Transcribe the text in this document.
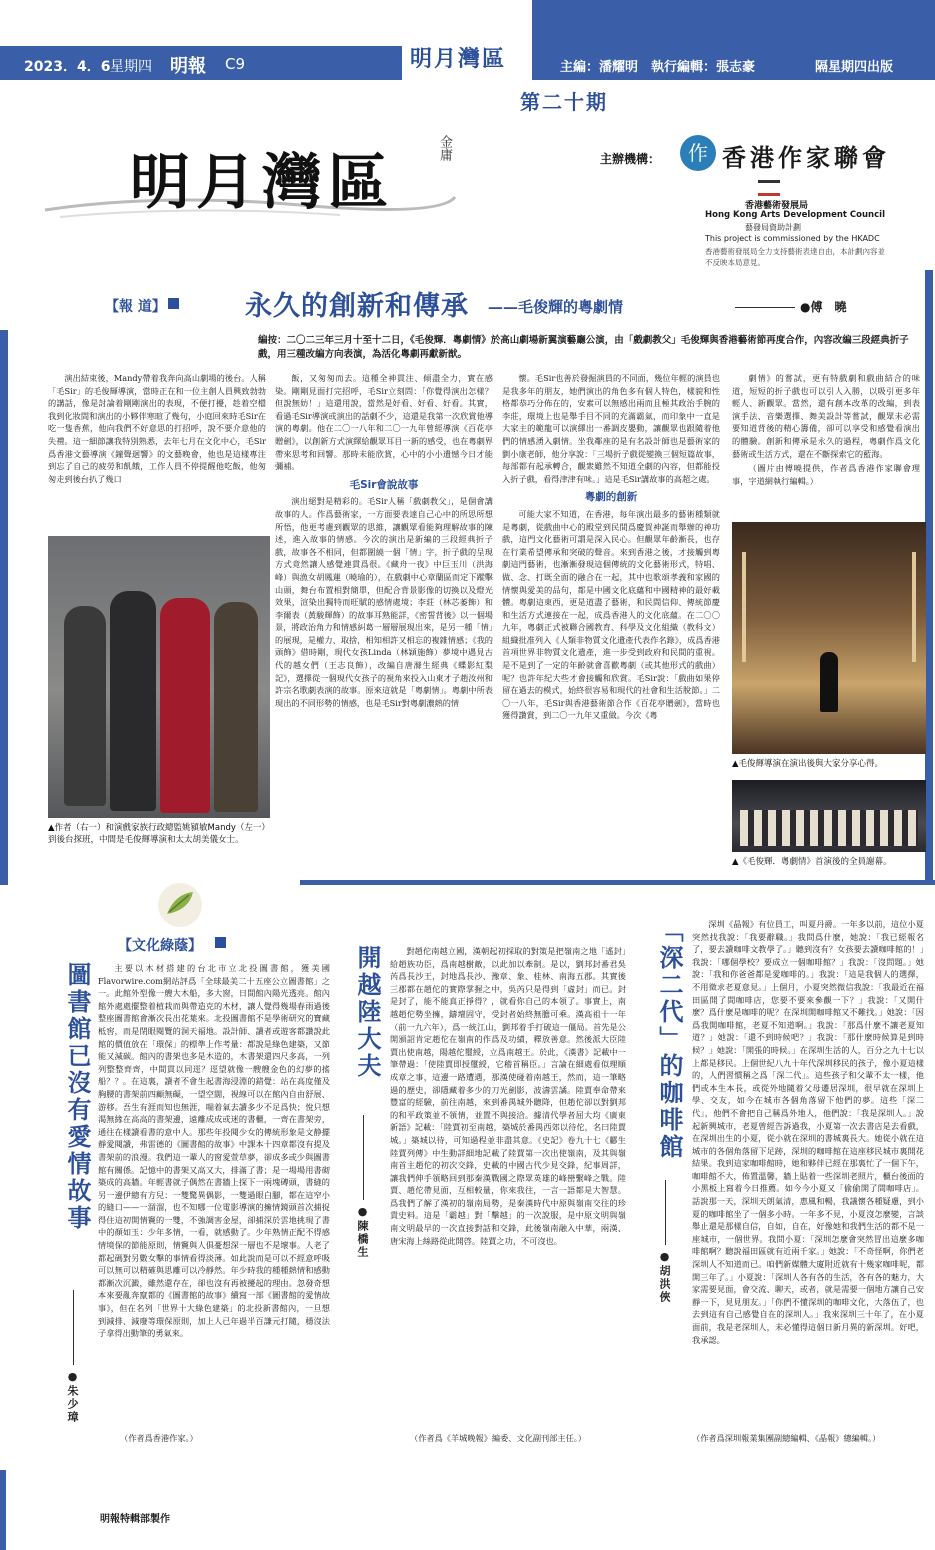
2023．4．6 星期四 明報 C9	明月灣區	主編：潘耀明　執行編輯：張志豪	隔星期四出版
第二十期
明月灣區	金庸	主辦機構：	作 香港作家聯會
香港藝術發展局
Hong Kong Arts Development Council
藝發局資助計劃
This project is commissioned by the HKADC
香港藝術發展局全力支持藝術表達自由，本計劃內容並不反映本局意見。
【報 道】	永久的創新和傳承 ——毛俊輝的粵劇情	●傅　曉
編按：二〇二三年三月十至十二日，《毛俊輝．粵劇情》於高山劇場新翼演藝廳公演，由「戲劇教父」毛俊輝與香港藝術節再度合作，內容改編三段經典折子戲，用三種改編方向表演，為活化粵劇再獻新猷。

演出結束後，Mandy帶着我奔向高山劇場的後台。人稱「毛Sir」的毛俊輝導演，當時正在和一位主創人員興致勃勃的講話，像是討論着剛剛演出的表現，不便打擾，趁着空檔我到化妝間和演出的小夥伴寒暄了幾句，小庭回來時毛Sir在吃一隻香蕉，他向我們不好意思的打招呼，說不要介意他的失禮。這一細節讓我特別熟悉，去年七月在文化中心，毛Sir爲香港文藝導演《鐘聲迴響》的文藝晚會，他也是這樣專注到忘了自己的疲勞和飢餓，工作人員不停提醒他吃飯，他匆匆走到後台扒了幾口

飯，又匆匆而去。這種全神貫注、傾盡全力，實在感染。剛剛見面打完招呼，毛Sir立刻問：「你覺得演出怎樣？但說無妨！」這還用說，當然是好看、好看、好看。其實，看過毛Sir導演或演出的話劇不少，這還是我第一次欣賞他導演的粵劇。他在二〇一八年和二〇一九年曾經導演《百花亭贈劍》，以創新方式演繹給觀眾耳目一新的感受，也在粵劇界帶來思考和回響。那時未能欣賞，心中的小小遺憾今日才能彌補。

毛Sir會說故事

演出絕對是精彩的。毛Sir人稱「戲劇教父」，是個會講故事的人。作爲藝術家，一方面要表達自己心中的所思所想所悟，他更考慮到觀眾的思維，讓觀眾看能夠理解故事的陳述，進入故事的情感。今次的演出是新編的三段經典折子戲，故事各不相同，但都圍繞一個「情」字，折子戲的呈現方式竟然讓人感覺連貫爲很。《藏舟一夜》中巨玉川（洪海峰）與漁女胡鳳蓮（曉瑜的），在戲劇中心章蘭區而定下蹤擊山頭，舞台布置相對簡單，但配合背景影像的切換以及燈光效果，渲染出獨特而旺賦的感情處境；李莊（林芯萎飾）和李爾表（黃駿輝飾）的故事耳熟能詳，《密誓背後》以一個場景，將政治角力和情感糾葛一層層展現出來，是另一種「情」的展現，是權力、取捨，相知相許又相忘的複雜情感；《我的頭飾》借時剛，現代女孩Linda（林穎施飾）夢境中遇見古代的越女們（王志良飾），改編自唐滌生經典《蝶影紅梨記》，選擇從一個現代女孩子的視角來投入山東才子趙汝州和許宗名歌劇表演的故事。原來這就是「粵劇情」。粵劇中所表現出的不同形勢的情感，也是毛Sir對粵劇濃熱的情

懷。毛Sir也善於發掘演員的不同面，幾位年輕的演員也是我多年的朋友，她們演出的角色多有個人特色，樣貌和性格都恭巧分佈在的，安素可以無感出兩而且極其政治手腕的李莊，環境上也是舉手目不同的充滿霸氣，而印象中一直是大家主的範龍可以演繹出一番調皮嬰動，讓觀眾也跟隨着他們的情感湧入劇情。坐我鄰座的是有名設計師也是藝術家的劉小康老師，他分享說：「三場折子戲從變換三個短篇故事，每部都有起承轉合，觀衆雖然不知道全劇的內容，但都能投入折子戲，看得津津有味。」這是毛Sir講故事的高超之處。

粵劇的創新

可能大家不知道，在香港，每年演出最多的藝術種類就是粵劇，從戲曲中心的殿堂到民間爲慶賀神誕而舉辦的神功戲，這門文化藝術可謂是深入民心。但觀眾年齡漸長，也存在行業希望傳承和突破的聲音。來到香港之後，才接觸到粵劇這門藝術，也漸漸發現這個傳統的文化藝術形式，特唱、做、念、打既全面的融合在一起，其中也歌頌孝義和家國的情懷與愛美的品句，都是中國文化底蘊和中國精神的最好載體。粵劇這東西，更是道盡了藝術，和民間信仰、傳統節慶和生活方式連接在一起，成爲香港人的文化底蘊。在二〇〇九年，粵劇正式被聯合國教育、科學及文化組織（教科文）組織批准列入《人類非物質文化遺產代表作名錄》，成爲香港首項世界非物質文化遺產，進一步受到政府和民間的重視。是不是到了一定的年齡就會喜歡粵劇（或其他形式的戲曲）呢？也許年紀大些才會接觸和欣賞。毛Sir說：「戲曲如果停留在過去的模式，始終很容易和現代的社會和生活脫節。」二〇一八年，毛Sir與香港藝術節合作《百花亭贈劍》，當時也獲得讚賞，到二〇一九年又重做。今次《粵

劇情》的嘗試，更有特戲劇和戲曲結合的味道，短短的折子戲也可以引人入勝，以吸引更多年輕人、新觀眾。當然，還有創本改革的改編，到表演手法、音樂選擇、舞美設計等嘗試，觀眾未必需要知道背後的精心籌備，卻可以享受和感覺看演出的體驗。創新和傳承是永久的過程，粵劇作爲文化藝術或生活方式，還在不斷探索它的藍海。

（圖片由傅曉提供，作者爲香港作家聯會理事，字道網執行編輯。）

▲作者（右一）和演戲家族行政總監姚潁敏Mandy（左一）到後台探班，中間是毛俊輝導演和太太胡美儀女士。
▲毛俊輝導演在演出後與大家分享心得。
▲《毛俊輝．粵劇情》首演後的全員謝幕。
【文化綠蔭】
圖書館已沒有愛情故事
●朱少璋

主要以木材搭建的台北市立北投圖書館，獲美國Flavorwire.com網站評爲「全球最美二十五座公立圖書館」之一。此館外型像一艘大木船，多大窗，日間館內陽光透亮。館內館外處處擺整着植栽而與帶造克的木材，讓人覺得幾場春雨過後整座圖書館會漸次長出花葉來。北投圖書館不是學術研究的寶藏柢窖，而是閉眼閱覽的洞天福地。設計師、讀者或遊客都讚說此館的價值放在「環保」的標準上作考量：都說是綠色建築，又節能又減碳。館內的書架也多是木造的，木書架還四尺多高，一列列整整齊齊，中間貫以同逕？逕望就像一艘艘金色的幻夢的搖船？？。在這裏，讀者不會生起書海浸淵的錯覺：站在高度僅及胸腰的書架前四顧無礙，一望空闊，視線可以在館內自由舒展、游移。吾生有涯而知也無涯，喘着氣去讀多少不足爲快；悅只想渴無緣在高高的書架邊，遠離成成或迷的書櫃，一齊在書架旁，通往在樣讀看書的意中人。那些年投閱少女的傳統形象是文静擺靜愛閱讀，弗雷德的《圖書館的故事》中課本十四章都沒有提及書架前的浪漫。我們這一輩人的窗愛萱草夢，卻成多或少與圖書館有關係。記憶中的書架又高又大，排滿了書；是一場場用書砌築成的高牆。年輕書就子偶然在書牆上探下一兩塊磚頭，書縫的另一邊伊總有方兒：一雙驚異偶影，一雙過眼白腳，都在這窄小的縫口——一溜溜，也不知哪一位電影導演的擁情鏡頭首次捕捉得住這初開情竇的一雙，不強調害金屋，卻捕深於雲地挑現了書中的顏如玉：少年多情，一看，就感動了。少年熟情正配不得感情境保的節能原則，情竇與人俱憂想深一層也不是壞事。人老了都起碼對另數女擊的事情看得淡薄。如此說而是可以不經意呼吸可以無可以精確與思離可以冷靜然。年少時我的種種熱情和感動都漸次沉澱，雖然還存在，卻也沒有再被擾起的理由。忽發奇想本來要亂奔竄都的《圖書館的故事》續寫一部《圖書館的愛情故事》，但在名列「世界十大綠色建築」的北投新書館內，一旦想到減排、減廢等環保原則，加上人已年過半百謙元打隨，穩沒法子拿得出動筆的勇氣來。

（作者爲香港作家。）
開越陸大夫
●陳橋生

對趙佗南越立國，漢朝起初採取的對策是把嶺南之地「遙封」給趙族功臣，爲南越樹敵，以此加以牽制。是以，劉邦封番君吳芮爲長沙王，封地爲長沙、豫章、象、桂林、南海五郡。其實後三郡都在趙佗的實際掌握之中，吳芮只是得到「虛封」而已。封是封了，能不能真正掙得？，就看你自己的本領了。事實上，南越趙佗勢坐擁，鑄壇固守，受封者始終無膽可乘。漢高祖十一年（前一九六年），爲一統江山，劉邦着手打破這一僵局。首先是公開頒詔肯定趙佗在嶺南的作爲及功績，釋放善意。然後派大臣陸賈出使南越，陽越佗璽綬，立爲南越王。於此，《漢書》記載中一筆帶過：「使陸賈即授璽綬，它稽首稱臣。」言論在細處看似理順成章之事，這邊一路遭遇，那漢使碰着南越王，然而，這一筆略過的歷史，卻隱藏着多少的刀光劍影，波濤雲譎。陸賈奉命帶來豐富的經驗，前往南越，來到番禺城外聽降，但趙佗卻以對劉邦的和平政策並不領情，並置不與接洽。據清代學者屈大均《廣東新語》記載：「陸賈初至南越，築城於番禺西郊以待佗，名曰陸賈城。」築城以待，可知過程並非盡其意。《史記》卷九十七《酈生陸賈列傳》中生動詳細地記載了陸賈第一次出使嶺南，及其與嶺南首主趙佗的初次交鋒，史載的中國古代少見交鋒，紀事周詳，讓我們伸手領略回到那秦漢戰國之際眾英雄的峰巒繫峰之戰。陸賈、趙佗帶見面，互相較量，你來我往，一言一語都是大智慧。爲我們了解了漢初的嶺南局勢，是秦漢時代中原與嶺南交往的珍貴史料。這是「霸越」對「擊越」的一次說服，是中原文明與嶺南文明最早的一次直接對話和交鋒，此後嶺南融入中華，兩漢、唐宋海上絲路從此開啓。陸賈之功，不可沒也。

（作者爲《羊城晚報》編委、文化副刊部主任。）
「深二代」的咖啡館
●胡洪俠

深圳《晶報》有位員工，叫夏丹爵。一年多以前，這位小夏突然找我說：「我要辭職。」我問爲什麼，她說：「我已經報名了，要去讀咖啡文教學了。」聽到沒有？女孩要去讀咖啡館的！」我說：「哪個學校？要成立一個咖啡館？」我說：「沒問題。」她說：「我和你爸爸都是愛咖啡的。」我說：「這是我個人的選擇，不用徵求老夏意見。」上個月，小夏突然微信我說：「我最近在福田區開了間咖啡店，您要不要來參觀一下？」我說：「又開什麼？爲什麼是咖啡的呢？在深圳開咖啡館又不難找。」她說：「因爲我開咖啡館，老夏不知道啊。」我說：「那爲什麼不讓老夏知道？」她說：「還不到時候吧？」我說：「那什麼時候算是到時候？」她說：「開張的時候。」在深圳生活的人，百分之九十七以上都是移民。上個世紀八九十年代深圳移民的孩子，像小夏這樣的，人們習慣稱之爲「深二代」。這些孩子和父輩不太一樣，他們或本生本長，或從外地隨着父母遷居深圳，很早就在深圳上學、交友，如今在城市各個角落留下他們的夢。這些「深二代」，他們不會把自己稱爲外地人，他們說：「我是深圳人。」說起新興城市，老夏曾經告訴過我，小夏第一次去書店是去看戲，在深圳出生的小夏，從小就在深圳的書城裏長大。她從小就在這城市的各個角落留下足跡，深圳的咖啡館在這座移民城市裏開花結果。我到這家咖啡館時，她和夥伴已經在那裏忙了一個下午，咖啡館不大，佈置溫馨，牆上貼着一些深圳老照片，櫃台後面的小黑板上寫着今日推薦。如今今小夏又「偷偷開了間咖啡店」。話說那一天，深圳天朗氣清，惠風和暢，我議懷各種疑慮，到小夏的咖啡館坐了一個多小時。一年多不見，小夏沒怎麼變，言談舉止還是那樣自信，自如，自在，好像她和我們生活的都不是一座城市，一個世界。我問小夏：「深圳怎麼會突然冒出這麼多咖啡館啊？聽說福田區就有近兩千家。」她說：「不奇怪啊，你們老深圳人不知道而已。咱們新媒體大廈附近就有十幾家咖啡呢，都開三年了。」小夏說：「深圳人各有各的生活，各有各的魅力，大家需要見面，會交流、聊天，或者，就是需要一個地方讓自己安靜一下，見見朋友。」「你們不懂深圳的咖啡文化，大落伍了，也去到這有自己感覺自在的深圳人。」我來深圳三十年了，在小夏面前，我是老深圳人，未必懂得這個日新月異的新深圳。好吧，我承認。

（作者爲深圳報業集團副總編輯、《晶報》總編輯。）
明報特輯部製作
